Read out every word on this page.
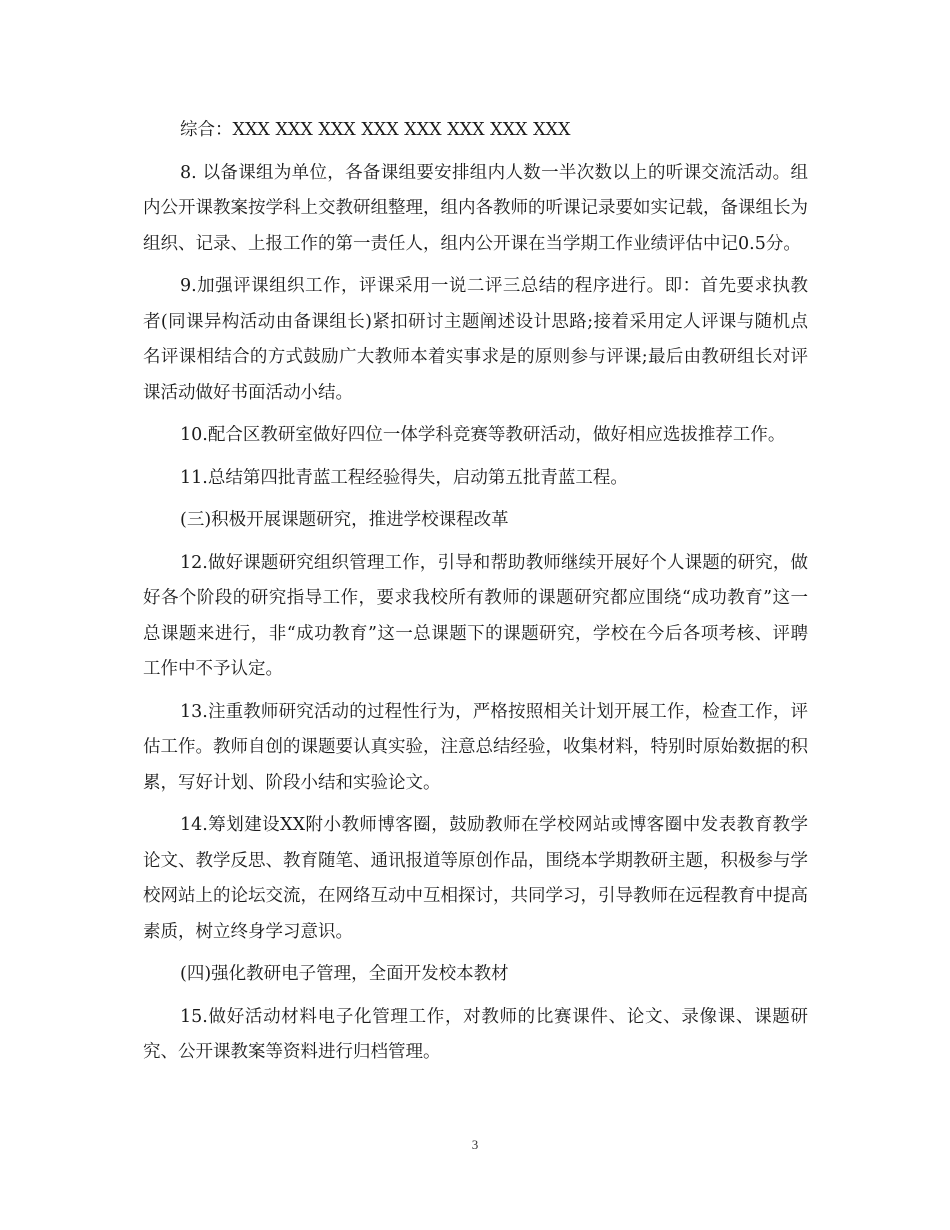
综合：XXX XXX XXX XXX XXX XXX XXX XXX

8. 以备课组为单位，各备课组要安排组内人数一半次数以上的听课交流活动。组内公开课教案按学科上交教研组整理，组内各教师的听课记录要如实记载，备课组长为组织、记录、上报工作的第一责任人，组内公开课在当学期工作业绩评估中记0.5分。

9.加强评课组织工作，评课采用一说二评三总结的程序进行。即：首先要求执教者(同课异构活动由备课组长)紧扣研讨主题阐述设计思路;接着采用定人评课与随机点名评课相结合的方式鼓励广大教师本着实事求是的原则参与评课;最后由教研组长对评课活动做好书面活动小结。

10.配合区教研室做好四位一体学科竞赛等教研活动，做好相应选拔推荐工作。

11.总结第四批青蓝工程经验得失，启动第五批青蓝工程。

(三)积极开展课题研究，推进学校课程改革

12.做好课题研究组织管理工作，引导和帮助教师继续开展好个人课题的研究，做好各个阶段的研究指导工作，要求我校所有教师的课题研究都应围绕“成功教育”这一总课题来进行，非“成功教育”这一总课题下的课题研究，学校在今后各项考核、评聘工作中不予认定。

13.注重教师研究活动的过程性行为，严格按照相关计划开展工作，检查工作，评估工作。教师自创的课题要认真实验，注意总结经验，收集材料，特别时原始数据的积累，写好计划、阶段小结和实验论文。

14.筹划建设XX附小教师博客圈，鼓励教师在学校网站或博客圈中发表教育教学论文、教学反思、教育随笔、通讯报道等原创作品，围绕本学期教研主题，积极参与学校网站上的论坛交流，在网络互动中互相探讨，共同学习，引导教师在远程教育中提高素质，树立终身学习意识。

(四)强化教研电子管理，全面开发校本教材

15.做好活动材料电子化管理工作，对教师的比赛课件、论文、录像课、课题研究、公开课教案等资料进行归档管理。

3
